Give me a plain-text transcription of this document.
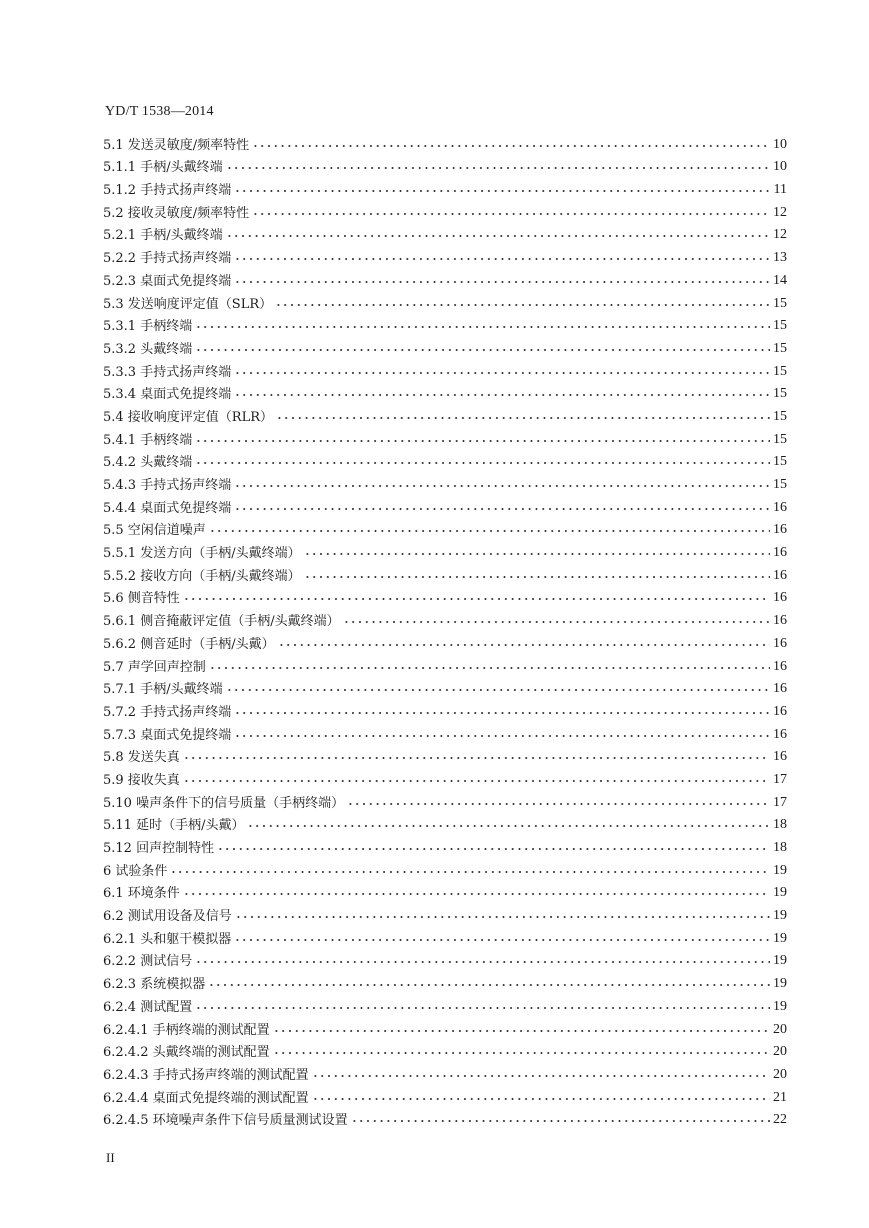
YD/T 1538—2014
5.1 发送灵敏度/频率特性	10
5.1.1 手柄/头戴终端	10
5.1.2 手持式扬声终端	11
5.2 接收灵敏度/频率特性	12
5.2.1 手柄/头戴终端	12
5.2.2 手持式扬声终端	13
5.2.3 桌面式免提终端	14
5.3 发送响度评定值（SLR）	15
5.3.1 手柄终端	15
5.3.2 头戴终端	15
5.3.3 手持式扬声终端	15
5.3.4 桌面式免提终端	15
5.4 接收响度评定值（RLR）	15
5.4.1 手柄终端	15
5.4.2 头戴终端	15
5.4.3 手持式扬声终端	15
5.4.4 桌面式免提终端	16
5.5 空闲信道噪声	16
5.5.1 发送方向（手柄/头戴终端）	16
5.5.2 接收方向（手柄/头戴终端）	16
5.6 侧音特性	16
5.6.1 侧音掩蔽评定值（手柄/头戴终端）	16
5.6.2 侧音延时（手柄/头戴）	16
5.7 声学回声控制	16
5.7.1 手柄/头戴终端	16
5.7.2 手持式扬声终端	16
5.7.3 桌面式免提终端	16
5.8 发送失真	16
5.9 接收失真	17
5.10 噪声条件下的信号质量（手柄终端）	17
5.11 延时（手柄/头戴）	18
5.12 回声控制特性	18
6 试验条件	19
6.1 环境条件	19
6.2 测试用设备及信号	19
6.2.1 头和躯干模拟器	19
6.2.2 测试信号	19
6.2.3 系统模拟器	19
6.2.4 测试配置	19
6.2.4.1 手柄终端的测试配置	20
6.2.4.2 头戴终端的测试配置	20
6.2.4.3 手持式扬声终端的测试配置	20
6.2.4.4 桌面式免提终端的测试配置	21
6.2.4.5 环境噪声条件下信号质量测试设置	22
II
